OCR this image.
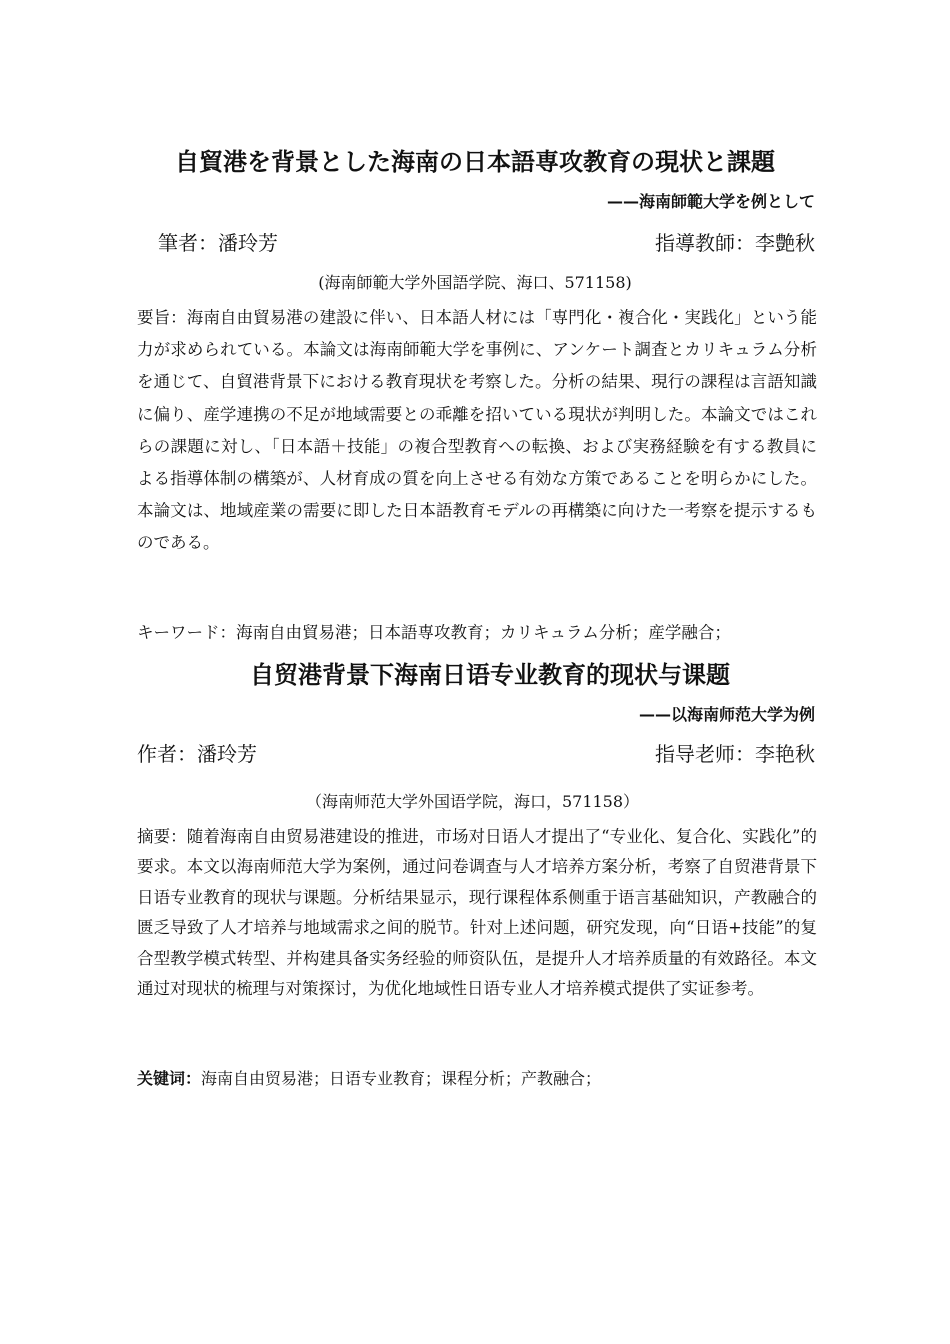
自貿港を背景とした海南の日本語専攻教育の現状と課題
——海南師範大学を例として
筆者：潘玲芳	指導教師：李艶秋
(海南師範大学外国語学院、海口、571158)

要旨：海南自由貿易港の建設に伴い、日本語人材には「専門化・複合化・実践化」という能力が求められている。本論文は海南師範大学を事例に、アンケート調査とカリキュラム分析を通じて、自貿港背景下における教育現状を考察した。分析の結果、現行の課程は言語知識に偏り、産学連携の不足が地域需要との乖離を招いている現状が判明した。本論文ではこれらの課題に対し、「日本語＋技能」の複合型教育への転換、および実務経験を有する教員による指導体制の構築が、人材育成の質を向上させる有効な方策であることを明らかにした。本論文は、地域産業の需要に即した日本語教育モデルの再構築に向けた一考察を提示するものである。

キーワード：海南自由貿易港；日本語専攻教育；カリキュラム分析；産学融合；
自贸港背景下海南日语专业教育的现状与课题
——以海南师范大学为例
作者：潘玲芳	指导老师：李艳秋
（海南师范大学外国语学院，海口，571158）

摘要：随着海南自由贸易港建设的推进，市场对日语人才提出了“专业化、复合化、实践化”的要求。本文以海南师范大学为案例，通过问卷调查与人才培养方案分析，考察了自贸港背景下日语专业教育的现状与课题。分析结果显示，现行课程体系侧重于语言基础知识，产教融合的匮乏导致了人才培养与地域需求之间的脱节。针对上述问题，研究发现，向“日语+技能”的复合型教学模式转型、并构建具备实务经验的师资队伍，是提升人才培养质量的有效路径。本文通过对现状的梳理与对策探讨，为优化地域性日语专业人才培养模式提供了实证参考。

关键词：海南自由贸易港；日语专业教育；课程分析；产教融合；
